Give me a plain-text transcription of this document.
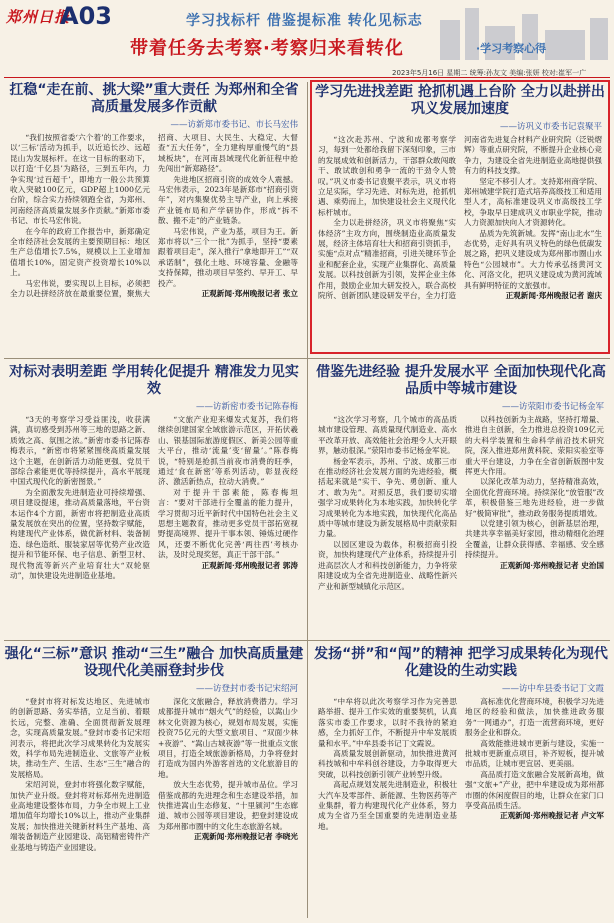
郑州日报
A03	学习找标杆 借鉴提标准 转化见标志
带着任务去考察·考察归来看转化	·学习考察心得
2023年5月16日 星期二 统筹:孙友文 美编:张妍 校对:崔军一广
扛稳“走在前、挑大梁”重大责任 为郑州和全省高质量发展多作贡献
——访新郑市委书记、市长马宏伟

“我们按照省委‘六个着’的工作要求，以‘三标’活动为抓手，以近追长沙、远超昆山为发展标杆。在这一目标的驱动下，以打造‘千亿县’为路径，三到五年内，力争实现‘过百超千’，即地方一般公共预算收入突破100亿元，GDP超上1000亿元台阶，综合实力持续领跑全省，为郑州、河南经济高质量发展多作贡献。”新郑市委书记、市长马宏伟说。

在今年的政府工作报告中，新郑确定全市经济社会发展的主要预期目标：地区生产总值增长7.5%，规模以上工业增加值增长10%，固定资产投资增长10%以上。

马宏伟说，要实现以上目标，必须把全力以赴拼经济放在最重要位置，聚焦大招商、大项目、大民生、大稳定、大督查“五大任务”，全力建构厚重慢气的“县域板块”，在河南县域现代化新征程中抢先闯出“新郑路径”。

先进地区招商引资的成效令人震撼。马宏伟表示，2023年是新郑市“招商引资年”，对内集聚优势主导产业，向上承接产业链布局和产学研协作，形成“拆不散、搬不走”的产业链条。

马宏伟说，产业为基，项目为王。新郑市将以“三个一批”为抓手，坚持“要素跟着项目走”，深入推行“拿地即开工”“双承诺制”，强化土地、环境容量、金融等支持保障，推动项目早签约、早开工、早投产。

正观新闻·郑州晚报记者 张立

学习先进找差距 抢抓机遇上台阶 全力以赴拼出巩义发展加速度
——访巩义市委书记袁聚平

“这次赴苏州、宁波和成都考察学习，每到一处都给我留下深刻印象，三市的发展成效和创新活力，干部群众敢闯敢干、敢试敢创和勇争一流的干劲令人赞叹。”巩义市委书记袁聚平表示，巩义市将立足实际，学习先进、对标先进，抢抓机遇、乘势而上，加快建设社会主义现代化标杆城市。

全力以赴拼经济，巩义市将聚焦“实体经济”主攻方向，围绕制造业高质量发展，经济主体培育壮大和招商引资抓手，实施“点对点”精准招商，引进关键环节企业和配套企业，实现产业集群化、高质量发展。以科技创新为引领，发挥企业主体作用，鼓励企业加大研发投入，联合高校院所、创新团队建设研发平台，全力打造河南省先进复合材料产业研究院（泛锐熠辉）等重点研究院，不断提升企业核心竞争力，为建设全省先进制造业高地提供强有力的科技支撑。

坚定不移引人才。支持郑州商学院、郑州城建学院打造式培养高级技工和适用型人才，高标准建设巩义市高级技工学校，争取早日建成巩义市职业学院，推动人力资源加快向人才资源转化。

品质为先筑新城。发挥“南山北水”生态优势，走好具有巩义特色的绿色低碳发展之路，把巩义建设成为郑州都市圈山水特色“公园城市”。大力传承弘扬黄河文化、河洛文化，把巩义建设成为黄河流域具有鲜明特征的文旅强市。

正观新闻·郑州晚报记者 谢庆

对标对表明差距 学用转化促提升 精准发力见实效
——访新密市委书记陈春梅

“3天的考察学习受益匪浅，收获满满，真切感受到苏州等三地的思路之新、质效之高、氛围之浓。”新密市委书记陈春梅表示，“新密市将紧紧围绕高质量发展这个主题，在创新活力动能更强、党员干部综合素能更优等持续提升，高水平展现中国式现代化的新密图景。”

为全面激发先进制造业可持续增强、项目建设提速，推动高质量落地，平台资本运作4个方面，新密市将把制造业高质量发展放在突出的位置，坚持数字赋能，构建现代产业体系，做优新材料、装备制造、绿色造纸、服装家居等优势产业改造提升和节能环保、电子信息、新型卫材、现代物流等新兴产业培育壮大“双轮驱动”，加快建设先进制造业基地。

“文旅产业迎来爆发式复苏，我们将继续创建国家全域旅游示范区，开拓伏羲山、银基国际旅游度假区、新美公园等重大平台，推动‘流量’变‘留量’。”陈春梅说，“特别是抢抓当前夜市消费的旺季，通过‘食在新密’等系列活动，彰显夜经济、激活新热点，拉动大消费。”

对于提升干部素能，陈春梅坦言：“要对干部进行全覆盖的能力提升，学习贯彻习近平新时代中国特色社会主义思想主题教育，推动更多党员干部拓宽视野提高境界、提升干事本领、锤炼过硬作风，还要不断优化完善‘两往西’考核办法，及时兑现奖惩，真正干部干部。”

正观新闻·郑州晚报记者 郭涛

借鉴先进经验 提升发展水平 全面加快现代化高品质中等城市建设
——访荥阳市委书记杨金军

“这次学习考察，几个城市的高品质城市建设管理、高质量现代制造业、高水平改革开放、高效能社会治理令人大开眼界，触动很深。”荥阳市委书记杨金军说。

杨金军表示，苏州、宁波、成都三市在推动经济社会发展方面的先进经验，概括起来就是“实干、争先、勇创新、重人才、敢为先”。对照反思，我们要切实增强学习成果转化为本地实践，加快转化学习成果转化为本地实践，加快现代化高品质中等城市建设为新发展格局中贡献荥阳力量。

以园区建设为载体，积极招商引投资，加快构建现代产业体系，持续提升引进高层次人才和科技创新能力，力争将荥阳建设成为全省先进制造业、战略性新兴产业和新型城镇化示范区。

以科技创新为主战路，坚持打增量、推进自主创新，全力推进总投资109亿元的大科学装置和生命科学前沿技术研究院，深入推进郑州黄科院、荥阳实验室等重大平台建设，力争在全省创新版图中发挥更大作用。

以深化改革为动力，坚持精准高效，全面优化营商环境。持续深化“放管服”改革，积极借鉴三地先进经验，进一步做好“极简审批”，推动政务服务提质增效。

以党建引领为核心，创新基层治理，共建共享幸福美好家园，推动精细化治理全覆盖，让群众获得感、幸福感、安全感持续提升。

正观新闻·郑州晚报记者 史治国

强化“三标”意识 推动“三生”融合 加快高质量建设现代化美丽登封步伐
——访登封市委书记宋绍河

“登封市将对标发达地区、先进城市的创新思路、务实举措，立足当前、着眼长远，完整、准确、全面贯彻新发展理念，实现高质量发展。”登封市委书记宋绍河表示，将把此次学习成果转化为发展实效，科学布局先进制造业、文旅等产业板块，推动生产、生活、生态“三生”融合的发展格局。

宋绍河说，登封市将强化数字赋能，加快产业升级。登封将对标郑州先进制造业高地建设整体布局，力争全市规上工业增加值年均增长10%以上，推动产业集群发展；加快推进关键新材料生产基地、高端装备制造产业园建设、高铝精密铸件产业基地与铸造产业园建设。

深化文旅融合，释放消费潜力。学习成都提升城市“烟火气”的经验，以嵩山少林文化资源为核心，规划布局发展，实施投资75亿元的大型文旅项目、“双面少林+夜游”、“嵩山古城夜游”等一批重点文旅项目，打造全域旅游新格局，力争将登封打造成为国内外游客首选的文化旅游目的地。

放大生态优势，提升城市品位。学习借鉴成都的先进理念和生态建设举措，加快推进嵩山生态修复、“十里颍河”生态廊道、城市公园等项目建设，把登封建设成为郑州都市圈中的文化生态旅游名城。

正观新闻·郑州晚报记者 李晓光

发扬“拼”和“闯”的精神 把学习成果转化为现代化建设的生动实践
——访中牟县委书记丁文霞

“中牟将以此次考察学习作为完善思路举措、提升工作实效的重要契机，认真落实市委工作要求，以时不我待的紧迫感，全力抓好工作，不断提升中牟发展质量和水平。”中牟县委书记丁文霞说。

高质量发展创新驱动，加快推进黄河科技城和中牟科创谷建设，力争取得更大突破，以科技创新引领产业转型升级。

高起点规划发展先进制造业，积极壮大汽车及零部件、新能源、生物医药等产业集群，着力构建现代化产业体系，努力成为全省乃至全国重要的先进制造业基地。

高标准优化营商环境，积极学习先进地区的经验和做法，加快推进政务服务“一网通办”，打造一流营商环境，更好服务企业和群众。

高效能推进城市更新与建设，实施一批城市更新重点项目，补齐短板，提升城市品质，让城市更宜居、更美丽。

高品质打造文旅融合发展新高地，做强“文旅+”产业，把中牟建设成为郑州都市圈的休闲度假目的地，让群众在家门口享受高品质生活。

正观新闻·郑州晚报记者 卢文军
